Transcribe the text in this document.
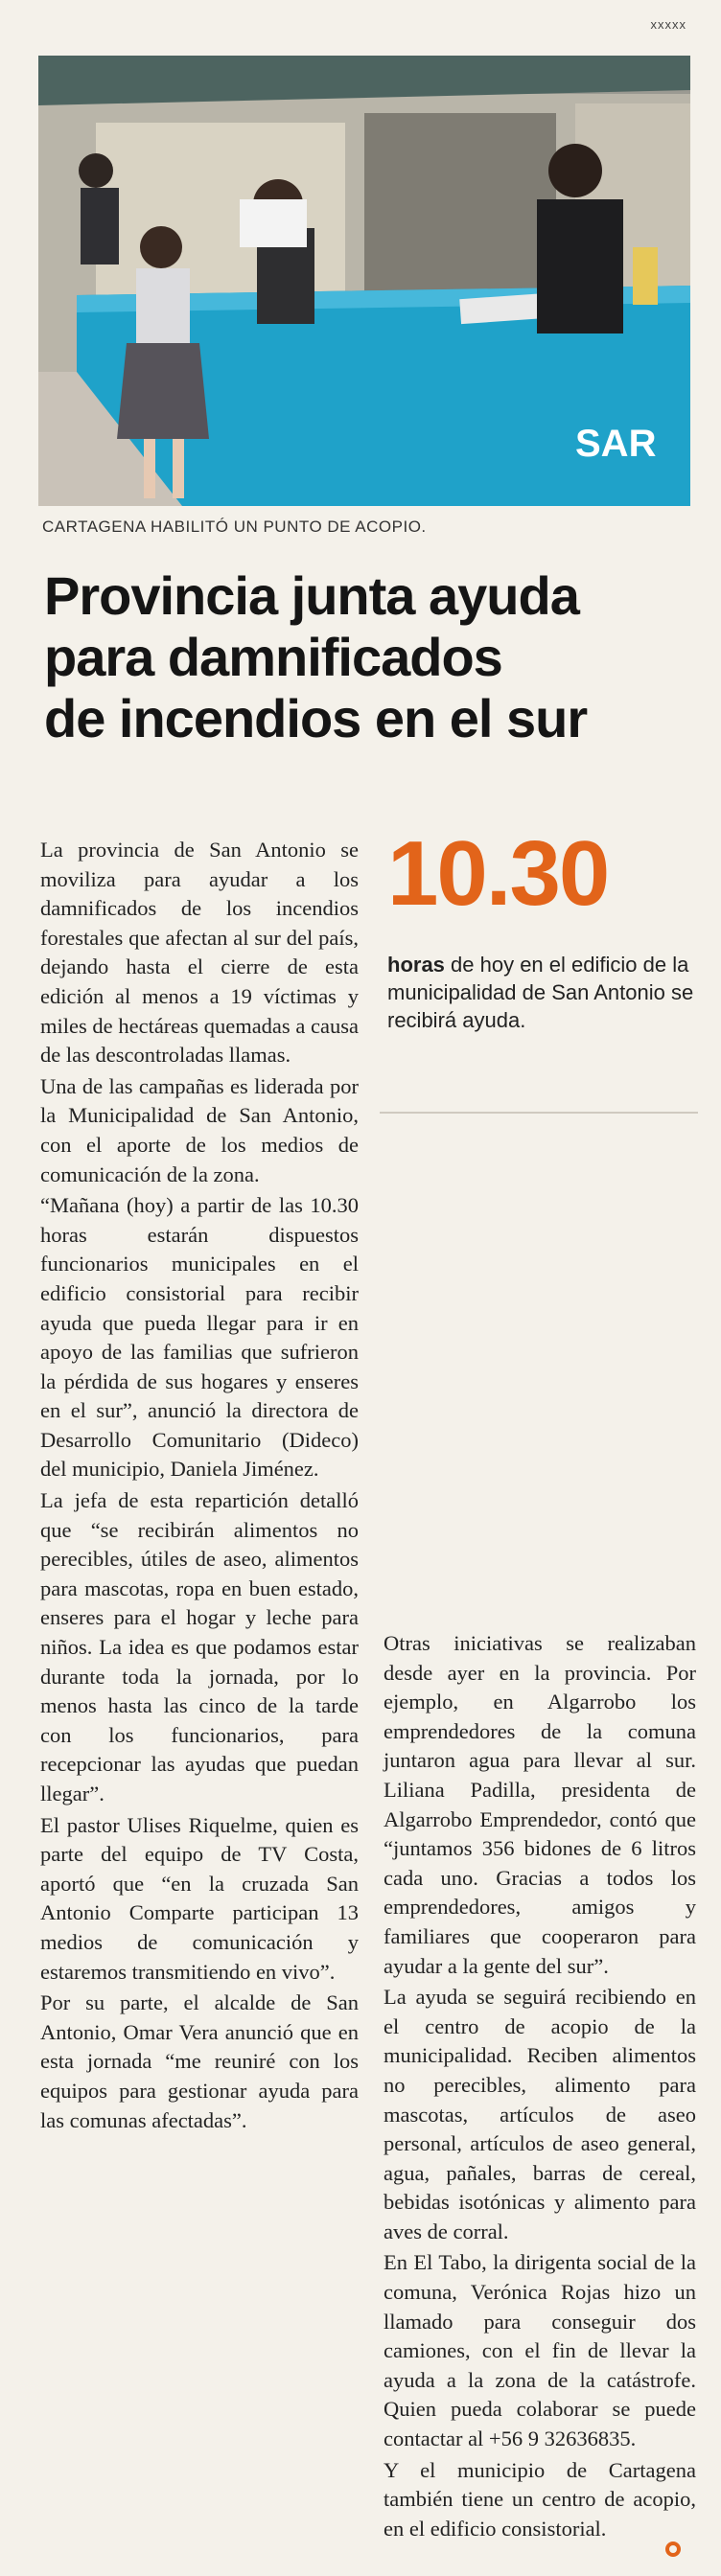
xxxxx
SAR
CARTAGENA HABILITÓ UN PUNTO DE ACOPIO.
Provincia junta ayuda
para damnificados
de incendios en el sur

La provincia de San Antonio se moviliza para ayudar a los damnificados de los incendios forestales que afectan al sur del país, dejando hasta el cierre de esta edición al menos a 19 víctimas y miles de hectáreas quemadas a causa de las descontroladas llamas.

Una de las campañas es liderada por la Municipalidad de San Antonio, con el aporte de los medios de comunicación de la zona.

“Mañana (hoy) a partir de las 10.30 horas estarán dispuestos funcionarios municipales en el edificio consistorial para recibir ayuda que pueda llegar para ir en apoyo de las familias que sufrieron la pérdida de sus hogares y enseres en el sur”, anunció la directora de Desarrollo Comunitario (Dideco) del municipio, Daniela Jiménez.

La jefa de esta repartición detalló que “se recibirán alimentos no perecibles, útiles de aseo, alimentos para mascotas, ropa en buen estado, enseres para el hogar y leche para niños. La idea es que podamos estar durante toda la jornada, por lo menos hasta las cinco de la tarde con los funcionarios, para recepcionar las ayudas que puedan llegar”.

El pastor Ulises Riquelme, quien es parte del equipo de TV Costa, aportó que “en la cruzada San Antonio Comparte participan 13 medios de comunicación y estaremos transmitiendo en vivo”.

Por su parte, el alcalde de San Antonio, Omar Vera anunció que en esta jornada “me reuniré con los equipos para gestionar ayuda para las comunas afectadas”.

10.30
horas de hoy en el edificio de la municipalidad de San Antonio se recibirá ayuda.

Otras iniciativas se realizaban desde ayer en la provincia. Por ejemplo, en Algarrobo los emprendedores de la comuna juntaron agua para llevar al sur. Liliana Padilla, presidenta de Algarrobo Emprendedor, contó que “juntamos 356 bidones de 6 litros cada uno. Gracias a todos los emprendedores, amigos y familiares que cooperaron para ayudar a la gente del sur”.

La ayuda se seguirá recibiendo en el centro de acopio de la municipalidad. Reciben alimentos no perecibles, alimento para mascotas, artículos de aseo personal, artículos de aseo general, agua, pañales, barras de cereal, bebidas isotónicas y alimento para aves de corral.

En El Tabo, la dirigenta social de la comuna, Verónica Rojas hizo un llamado para conseguir dos camiones, con el fin de llevar la ayuda a la zona de la catástrofe. Quien pueda colaborar se puede contactar al +56 9 32636835.

Y el municipio de Cartagena también tiene un centro de acopio, en el edificio consistorial.
